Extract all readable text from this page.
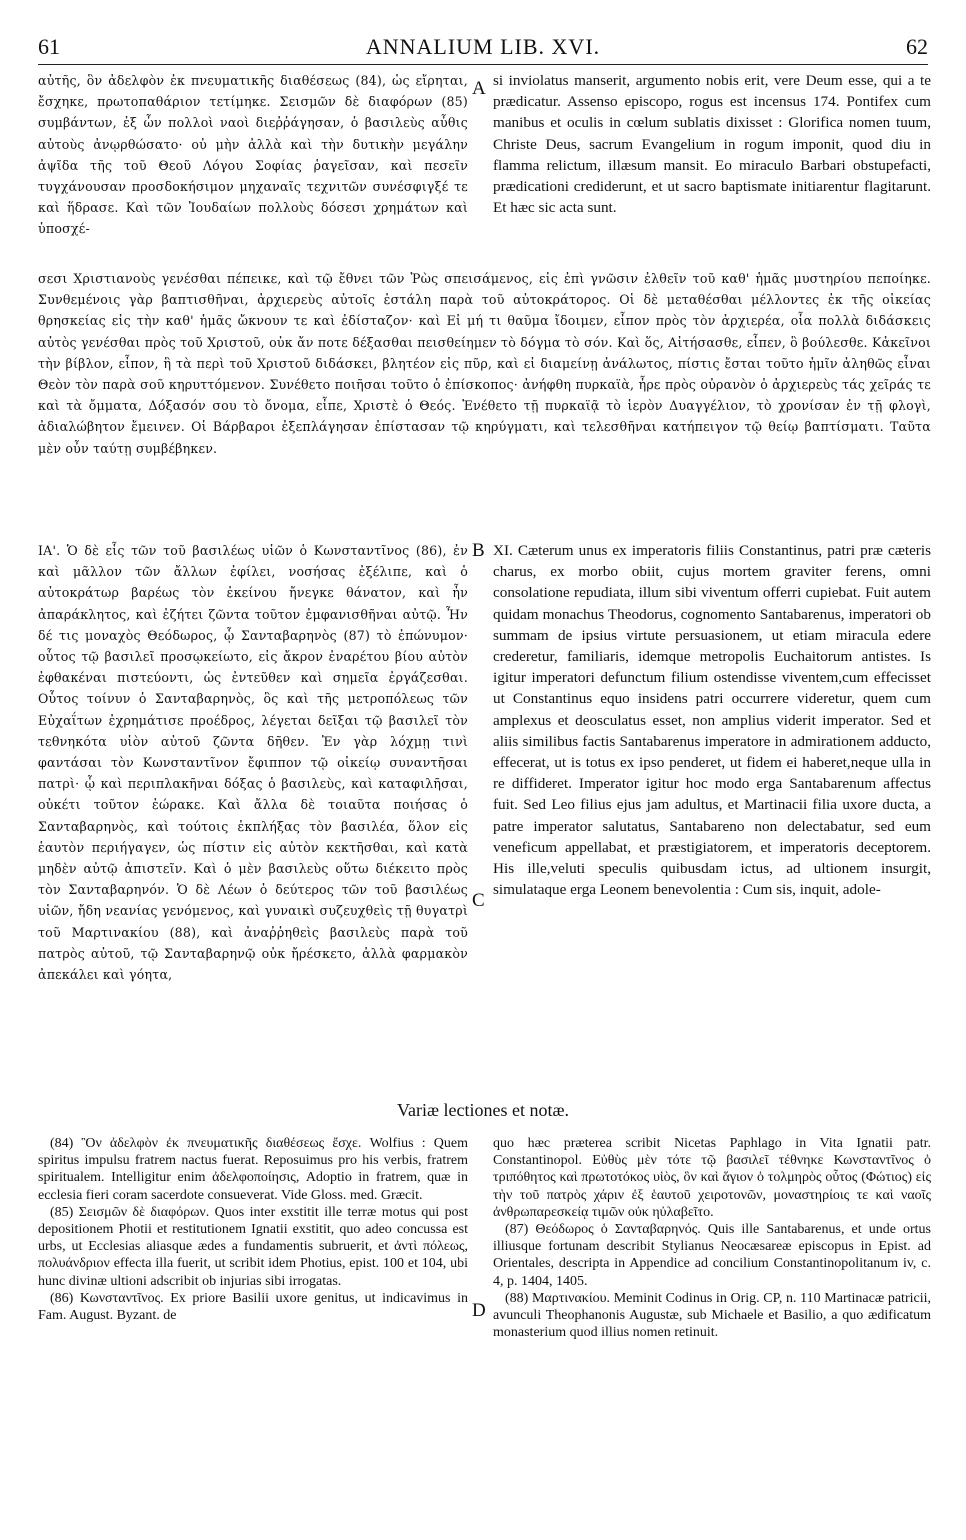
61	ANNALIUM LIB. XVI.	62

αὐτῆς, ὃν ἀδελφὸν ἐκ πνευματικῆς διαθέσεως (84), ὡς εἴρηται, ἔσχηκε, πρωτοπαθάριον τετίμηκε. Σεισμῶν δὲ διαφόρων (85) συμβάντων, ἐξ ὧν πολλοὶ ναοὶ διεῤῥάγησαν, ὁ βασιλεὺς αὖθις αὐτοὺς ἀνῳρθώσατο· οὐ μὴν ἀλλὰ καὶ τὴν δυτικὴν μεγάλην ἀψῖδα τῆς τοῦ Θεοῦ Λόγου Σοφίας ῥαγεῖσαν, καὶ πεσεῖν τυγχάνουσαν προσδοκήσιμον μηχαναῖς τεχνιτῶν συνέσφιγξέ τε καὶ ἥδρασε. Καὶ τῶν Ἰουδαίων πολλοὺς δόσεσι χρημάτων καὶ ὑποσχέ-

si inviolatus manserit, argumento nobis erit, vere Deum esse, qui a te prædicatur. Assenso episcopo, rogus est incensus 174. Pontifex cum manibus et oculis in cœlum sublatis dixisset : Glorifica nomen tuum, Christe Deus, sacrum Evangelium in rogum imponit, quod diu in flamma relictum, illæsum mansit. Eo miraculo Barbari obstupefacti, prædicationi crediderunt, et ut sacro baptismate initiarentur flagitarunt. Et hæc sic acta sunt.

A

σεσι Χριστιανοὺς γενέσθαι πέπεικε, καὶ τῷ ἔθνει τῶν Ῥὼς σπεισάμενος, εἰς ἐπὶ γνῶσιν ἐλθεῖν τοῦ καθ' ἡμᾶς μυστηρίου πεποίηκε. Συνθεμένοις γὰρ βαπτισθῆναι, ἀρχιερεὺς αὐτοῖς ἐστάλη παρὰ τοῦ αὐτοκράτορος. Οἱ δὲ μεταθέσθαι μέλλοντες ἐκ τῆς οἰκείας θρησκείας εἰς τὴν καθ' ἡμᾶς ὤκνουν τε καὶ ἐδίσταζον· καὶ Εἰ μή τι θαῦμα ἴδοιμεν, εἶπον πρὸς τὸν ἀρχιερέα, οἷα πολλὰ διδάσκεις αὐτὸς γενέσθαι πρὸς τοῦ Χριστοῦ, οὐκ ἄν ποτε δέξασθαι πεισθείημεν τὸ δόγμα τὸ σόν. Καὶ ὅς, Αἰτήσασθε, εἶπεν, ὃ βούλεσθε. Κἀκεῖνοι τὴν βίβλον, εἶπον, ἣ τὰ περὶ τοῦ Χριστοῦ διδάσκει, βλητέον εἰς πῦρ, καὶ εἰ διαμείνῃ ἀνάλωτος, πίστις ἔσται τοῦτο ἡμῖν ἀληθῶς εἶναι Θεὸν τὸν παρὰ σοῦ κηρυττόμενον. Συνέθετο ποιῆσαι τοῦτο ὁ ἐπίσκοπος· ἀνήφθη πυρκαϊὰ, ἦρε πρὸς οὐρανὸν ὁ ἀρχιερεὺς τάς χεῖράς τε καὶ τὰ ὄμματα, Δόξασόν σου τὸ ὄνομα, εἶπε, Χριστὲ ὁ Θεός. Ἐνέθετο τῇ πυρκαϊᾷ τὸ ἱερὸν Δυαγγέλιον, τὸ χρονίσαν ἐν τῇ φλογὶ, ἀδιαλώβητον ἔμεινεν. Οἱ Βάρβαροι ἐξεπλάγησαν ἐπίστασαν τῷ κηρύγματι, καὶ τελεσθῆναι κατήπειγον τῷ θείῳ βαπτίσματι. Ταῦτα μὲν οὖν ταύτῃ συμβέβηκεν.

B

ΙΑ'. Ὁ δὲ εἷς τῶν τοῦ βασιλέως υἱῶν ὁ Κωνσταντῖνος (86), ἐν καὶ μᾶλλον τῶν ἄλλων ἐφίλει, νοσήσας ἐξέλιπε, καὶ ὁ αὐτοκράτωρ βαρέως τὸν ἐκείνου ἤνεγκε θάνατον, καὶ ἦν ἀπαράκλητος, καὶ ἐζήτει ζῶντα τοῦτον ἐμφανισθῆναι αὐτῷ. Ἦν δέ τις μοναχὸς Θεόδωρος, ᾧ Σανταβαρηνὸς (87) τὸ ἐπώνυμον· οὗτος τῷ βασιλεῖ προσῳκείωτο, εἰς ἄκρον ἐναρέτου βίου αὐτὸν ἐφθακέναι πιστεύοντι, ὡς ἐντεῦθεν καὶ σημεῖα ἐργάζεσθαι. Οὗτος τοίνυν ὁ Σανταβαρηνὸς, ὃς καὶ τῆς μετροπόλεως τῶν Εὐχαΐτων ἐχρημάτισε προέδρος, λέγεται δεῖξαι τῷ βασιλεῖ τὸν τεθνηκότα υἱὸν αὐτοῦ ζῶντα δῆθεν. Ἐν γὰρ λόχμῃ τινὶ φαντάσαι τὸν Κωνσταντῖνον ἔφιππον τῷ οἰκείῳ συναντῆσαι πατρὶ· ᾧ καὶ περιπλακῆναι δόξας ὁ βασιλεὺς, καὶ καταφιλῆσαι, οὐκέτι τοῦτον ἑώρακε. Καὶ ἄλλα δὲ τοιαῦτα ποιήσας ὁ Σανταβαρηνὸς, καὶ τούτοις ἐκπλήξας τὸν βασιλέα, ὅλον εἰς ἑαυτὸν περιήγαγεν, ὡς πίστιν εἰς αὐτὸν κεκτῆσθαι, καὶ κατὰ μηδὲν αὐτῷ ἀπιστεῖν. Καὶ ὁ μὲν βασιλεὺς οὕτω διέκειτο πρὸς τὸν Σανταβαρηνόν. Ὁ δὲ Λέων ὁ δεύτερος τῶν τοῦ βασιλέως υἱῶν, ἤδη νεανίας γενόμενος, καὶ γυναικὶ συζευχθεὶς τῇ θυγατρὶ τοῦ Μαρτινακίου (88), καὶ ἀναῤῥηθεὶς βασιλεὺς παρὰ τοῦ πατρὸς αὐτοῦ, τῷ Σανταβαρηνῷ οὐκ ἤρέσκετο, ἀλλὰ φαρμακὸν ἀπεκάλει καὶ γόητα,

XI. Cæterum unus ex imperatoris filiis Constantinus, patri præ cæteris charus, ex morbo obiit, cujus mortem graviter ferens, omni consolatione repudiata, illum sibi viventum offerri cupiebat. Fuit autem quidam monachus Theodorus, cognomento Santabarenus, imperatori ob summam de ipsius virtute persuasionem, ut etiam miracula edere crederetur, familiaris, idemque metropolis Euchaitorum antistes. Is igitur imperatori defunctum filium ostendisse viventem,cum effecisset ut Constantinus equo insidens patri occurrere videretur, quem cum amplexus et deosculatus esset, non amplius viderit imperator. Sed et aliis similibus factis Santabarenus imperatore in admirationem adducto, effecerat, ut is totus ex ipso penderet, ut fidem ei haberet,neque ulla in re diffideret. Imperator igitur hoc modo erga Santabarenum affectus fuit. Sed Leo filius ejus jam adultus, et Martinacii filia uxore ducta, a patre imperator salutatus, Santabareno non delectabatur, sed eum veneficum appellabat, et præstigiatorem, et imperatoris deceptorem. His ille,veluti speculis quibusdam ictus, ad ultionem insurgit, simulataque erga Leonem benevolentia : Cum sis, inquit, adole-

C
Variæ lectiones et notæ.

(84) Ὃν ἀδελφὸν ἐκ πνευματικῆς διαθέσεως ἔσχε. Wolfius : Quem spiritus impulsu fratrem nactus fuerat. Reposuimus pro his verbis, fratrem spiritualem. Intelligitur enim ἀδελφοποίησις, Adoptio in fratrem, quæ in ecclesia fieri coram sacerdote consueverat. Vide Gloss. med. Græcit.

(85) Σεισμῶν δὲ διαφόρων. Quos inter exstitit ille terræ motus qui post depositionem Photii et restitutionem Ignatii exstitit, quo adeo concussa est urbs, ut Ecclesias aliasque ædes a fundamentis subruerit, et ἀντὶ πόλεως, πολυάνδριον effecta illa fuerit, ut scribit idem Photius, epist. 100 et 104, ubi hunc divinæ ultioni adscribit ob injurias sibi irrogatas.

(86) Κωνσταντῖνος. Ex priore Basilii uxore genitus, ut indicavimus in Fam. August. Byzant. de	D

quo hæc præterea scribit Nicetas Paphlago in Vita Ignatii patr. Constantinopol. Εὐθὺς μὲν τότε τῷ βασιλεῖ τέθνηκε Κωνσταντῖνος ὁ τριπόθητος καὶ πρωτοτόκος υἱὸς, ὃν καὶ ἅγιον ὁ τολμηρὸς οὗτος (Φώτιος) εἰς τὴν τοῦ πατρὸς χάριν ἐξ ἑαυτοῦ χειροτονῶν, μοναστηρίοις τε καὶ ναοῖς ἀνθρωπαρεσκείᾳ τιμῶν οὐκ ηὐλαβεῖτο.

(87) Θεόδωρος ὁ Σανταβαρηνός. Quis ille Santabarenus, et unde ortus illiusque fortunam describit Stylianus Neocæsareæ episcopus in Epist. ad Orientales, descripta in Appendice ad concilium Constantinopolitanum iv, c. 4, p. 1404, 1405.

(88) Μαρτινακίου. Meminit Codinus in Orig. CP, n. 110 Martinacæ patricii, avunculi Theophanonis Augustæ, sub Michaele et Basilio, a quo ædificatum monasterium quod illius nomen retinuit.
